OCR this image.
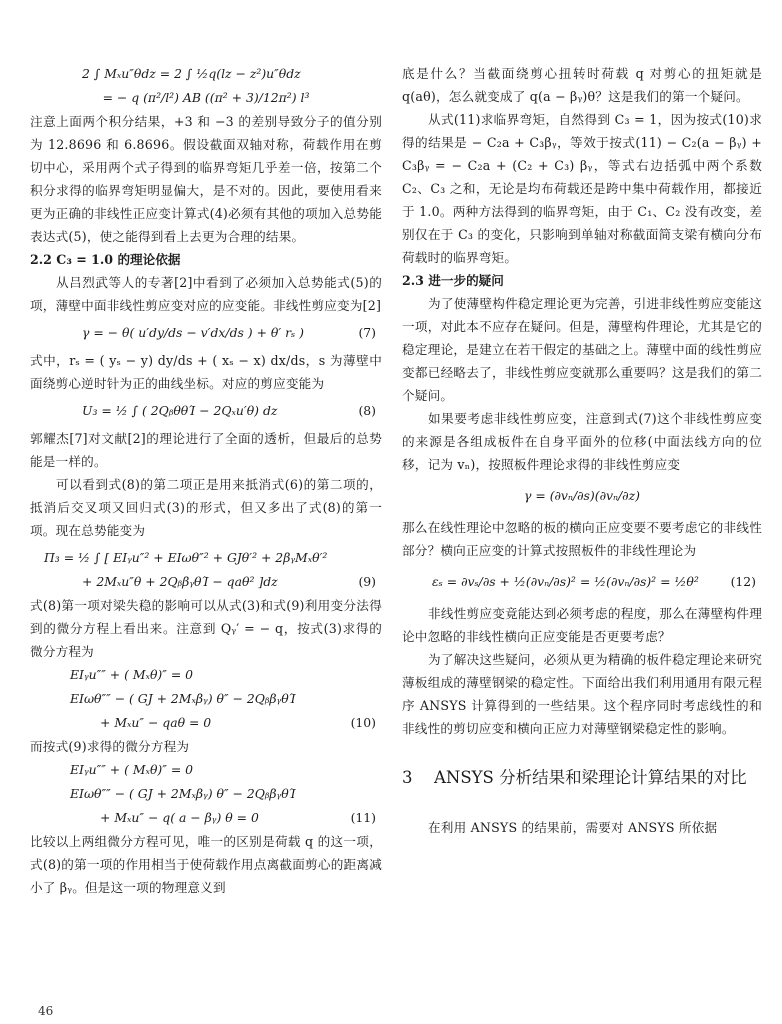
2 ∫ Mₓu″θdz = 2 ∫ ½q(lz − z²)u″θdz
= − q (π²/l²) AB ((π² + 3)/12π²) l³

注意上面两个积分结果，+3 和 −3 的差别导致分子的值分别为 12.8696 和 6.8696。假设截面双轴对称，荷载作用在剪切中心，采用两个式子得到的临界弯矩几乎差一倍，按第二个积分求得的临界弯矩明显偏大，是不对的。因此，要使用看来更为正确的非线性正应变计算式(4)必须有其他的项加入总势能表达式(5)，使之能得到看上去更为合理的结果。

2.2 C₃ = 1.0 的理论依据

从吕烈武等人的专著[2]中看到了必须加入总势能式(5)的项，薄壁中面非线性剪应变对应的应变能。非线性剪应变为[2]

γ = − θ( u′dy/ds − v′dx/ds ) + θ′ rₛ )	(7)

式中，rₛ = ( yₛ − y) dy/ds + ( xₛ − x) dx/ds，s 为薄壁中面绕剪心逆时针为正的曲线坐标。对应的剪应变能为

U₃ = ½ ∫ ( 2QᵦθθΊ − 2Qₓu′θ) dz	(8)

郭耀杰[7]对文献[2]的理论进行了全面的透析，但最后的总势能是一样的。

可以看到式(8)的第二项正是用来抵消式(6)的第二项的，抵消后交叉项又回归式(3)的形式，但又多出了式(8)的第一项。现在总势能变为

Π₃ = ½ ∫ [ EIᵧu″² + EIωθ″² + GJθ′² + 2βᵧMₓθ′²
+ 2Mₓu″θ + 2QᵦβᵧθΊ − qaθ² ]dz	(9)

式(8)第一项对梁失稳的影响可以从式(3)和式(9)利用变分法得到的微分方程上看出来。注意到 Qᵧ′ = − q，按式(3)求得的微分方程为

EIᵧu″″ + ( Mₓθ)″ = 0
EIωθ″″ − ( GJ + 2Mₓβᵧ) θ″ − 2QᵦβᵧθΊ
+ Mₓu″ − qaθ = 0	(10)

而按式(9)求得的微分方程为

EIᵧu″″ + ( Mₓθ)″ = 0
EIωθ″″ − ( GJ + 2Mₓβᵧ) θ″ − 2QᵦβᵧθΊ
+ Mₓu″ − q( a − βᵧ) θ = 0	(11)

比较以上两组微分方程可见，唯一的区别是荷载 q 的这一项，式(8)的第一项的作用相当于使荷载作用点离截面剪心的距离减小了 βᵧ。但是这一项的物理意义到

底是什么？当截面绕剪心扭转时荷载 q 对剪心的扭矩就是 q(aθ)，怎么就变成了 q(a − βᵧ)θ？这是我们的第一个疑问。

从式(11)求临界弯矩，自然得到 C₃ = 1，因为按式(10)求得的结果是 − C₂a + C₃βᵧ，等效于按式(11) − C₂(a − βᵧ) + C₃βᵧ = − C₂a + (C₂ + C₃) βᵧ，等式右边括弧中两个系数 C₂、C₃ 之和，无论是均布荷载还是跨中集中荷载作用，都接近于 1.0。两种方法得到的临界弯矩，由于 C₁、C₂ 没有改变，差别仅在于 C₃ 的变化，只影响到单轴对称截面简支梁有横向分布荷载时的临界弯矩。

2.3 进一步的疑问

为了使薄壁构件稳定理论更为完善，引进非线性剪应变能这一项，对此本不应存在疑问。但是，薄壁构件理论，尤其是它的稳定理论，是建立在若干假定的基础之上。薄壁中面的线性剪应变都已经略去了，非线性剪应变就那么重要吗？这是我们的第二个疑问。

如果要考虑非线性剪应变，注意到式(7)这个非线性剪应变的来源是各组成板件在自身平面外的位移(中面法线方向的位移，记为 vₙ)，按照板件理论求得的非线性剪应变

γ = (∂vₙ/∂s)(∂vₙ/∂z)

那么在线性理论中忽略的板的横向正应变要不要考虑它的非线性部分？横向正应变的计算式按照板件的非线性理论为

εₛ = ∂vₛ/∂s + ½(∂vₙ/∂s)² = ½(∂vₙ/∂s)² = ½θ²	(12)

非线性剪应变竟能达到必须考虑的程度，那么在薄壁构件理论中忽略的非线性横向正应变能是否更要考虑？

为了解决这些疑问，必须从更为精确的板件稳定理论来研究薄板组成的薄壁钢梁的稳定性。下面给出我们利用通用有限元程序 ANSYS 计算得到的一些结果。这个程序同时考虑线性的和非线性的剪切应变和横向正应力对薄壁钢梁稳定性的影响。

3 ANSYS 分析结果和梁理论计算结果的对比

在利用 ANSYS 的结果前，需要对 ANSYS 所依据

46
